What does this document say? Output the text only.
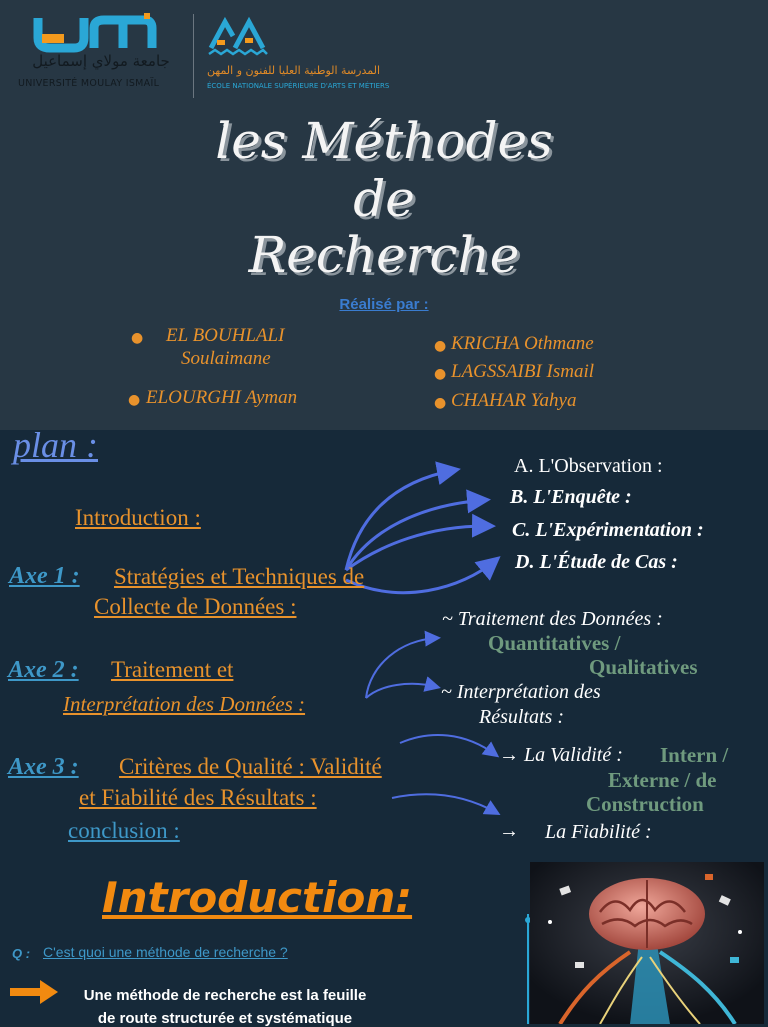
جامعة مولاي إسماعيل
UNIVERSITÉ MOULAY ISMAÏL
المدرسة الوطنية العليا للفنون و المهن
ÉCOLE NATIONALE SUPÉRIEURE D'ARTS ET MÉTIERS
les Méthodes
de
Recherche
Réalisé par :
● EL BOUHLALI
Soulaimane
● ELOURGHI Ayman
● KRICHA Othmane
● LAGSSAIBI Ismail
● CHAHAR Yahya
plan :
Introduction :
Axe 1 : Stratégies et Techniques de
Collecte de Données :
Axe 2 : Traitement et
Interprétation des Données :
Axe 3 : Critères de Qualité : Validité
et Fiabilité des Résultats :
conclusion :
A. L'Observation :
B. L'Enquête :
C. L'Expérimentation :
D. L'Étude de Cas :
~ Traitement des Données :
Quantitatives /
Qualitatives
~ Interprétation des
Résultats :
→ La Validité : Intern /
Externe / de
Construction
→ La Fiabilité :
Introduction:
Q : C'est quoi une méthode de recherche ?
Une méthode de recherche est la feuille
de route structurée et systématique
